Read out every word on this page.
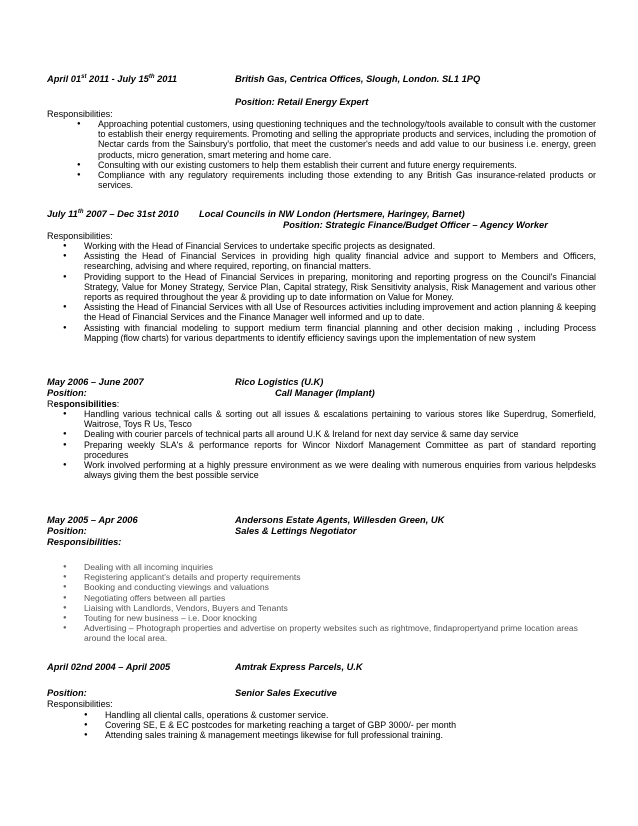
April 01st 2011 - July 15th 2011	British Gas, Centrica Offices, Slough, London. SL1 1PQ
Position: Retail Energy Expert
Responsibilities:
● Approaching potential customers, using questioning techniques and the technology/tools available to consult with the customer to establish their energy requirements. Promoting and selling the appropriate products and services, including the promotion of Nectar cards from the Sainsbury's portfolio, that meet the customer's needs and add value to our business i.e. energy, green products, micro generation, smart metering and home care.
● Consulting with our existing customers to help them establish their current and future energy requirements.
● Compliance with any regulatory requirements including those extending to any British Gas insurance-related products or services.
July 11th 2007 – Dec 31st 2010 Local Councils in NW London (Hertsmere, Haringey, Barnet)
Position: Strategic Finance/Budget Officer – Agency Worker
Responsibilities:
● Working with the Head of Financial Services to undertake specific projects as designated.
● Assisting the Head of Financial Services in providing high quality financial advice and support to Members and Officers, researching, advising and where required, reporting, on financial matters.
● Providing support to the Head of Financial Services in preparing, monitoring and reporting progress on the Council's Financial Strategy, Value for Money Strategy, Service Plan, Capital strategy, Risk Sensitivity analysis, Risk Management and various other reports as required throughout the year & providing up to date information on Value for Money.
● Assisting the Head of Financial Services with all Use of Resources activities including improvement and action planning & keeping the Head of Financial Services and the Finance Manager well informed and up to date.
● Assisting with financial modeling to support medium term financial planning and other decision making , including Process Mapping (flow charts) for various departments to identify efficiency savings upon the implementation of new system
May 2006 – June 2007	Rico Logistics (U.K)
Position:	Call Manager (Implant)
Responsibilities:
● Handling various technical calls & sorting out all issues & escalations pertaining to various stores like Superdrug, Somerfield, Waitrose, Toys R Us, Tesco
● Dealing with courier parcels of technical parts all around U.K & Ireland for next day service & same day service
● Preparing weekly SLA's & performance reports for Wincor Nixdorf Management Committee as part of standard reporting procedures
● Work involved performing at a highly pressure environment as we were dealing with numerous enquiries from various helpdesks always giving them the best possible service
May 2005 – Apr 2006	Andersons Estate Agents, Willesden Green, UK
Position:	Sales & Lettings Negotiator
Responsibilities:
● Dealing with all incoming inquiries
● Registering applicant's details and property requirements
● Booking and conducting viewings and valuations
● Negotiating offers between all parties
● Liaising with Landlords, Vendors, Buyers and Tenants
● Touting for new business – i.e. Door knocking
● Advertising – Photograph properties and advertise on property websites such as rightmove, findapropertyand prime location areas around the local area.
April 02nd 2004 – April 2005	Amtrak Express Parcels, U.K
Position:	Senior Sales Executive
Responsibilities:
● Handling all cliental calls, operations & customer service.
● Covering SE, E & EC postcodes for marketing reaching a target of GBP 3000/- per month
● Attending sales training & management meetings likewise for full professional training.
